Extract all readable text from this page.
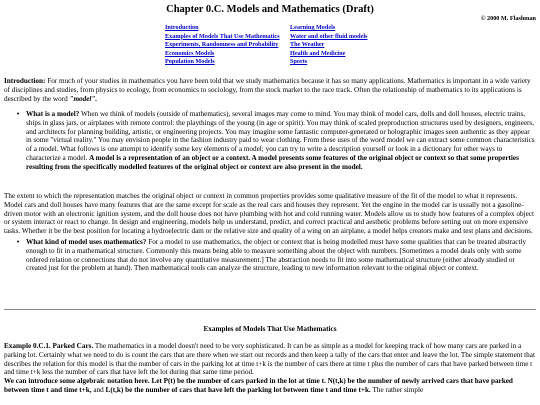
Chapter 0.C. Models and Mathematics (Draft)
© 2000 M. Flashman
Introduction
Examples of Models That Use Mathematics
Experiments, Randomness and Probability
Economics Models
Population Models
Learning Models
Water and other fluid models
The Weather
Health and Medicine
Sports

Introduction: For much of your studies in mathematics you have been told that we study mathematics because it has so many applications. Mathematics is important in a wide variety of disciplines and studies, from physics to ecology, from economics to sociology, from the stock market to the race track. Often the relationship of mathematics to its applications is described by the word "model".

• What is a model? When we think of models (outside of mathematics), several images may come to mind. You may think of model cars, dolls and doll houses, electric trains, ships in glass jars, or airplanes with remote control: the playthings of the young (in age or spirit). You may think of scaled preproduction structures used by designers, engineers, and architects for planning building, artistic, or engineering projects. You may imagine some fantastic computer-generated or holographic images seen authentic as they appear in some "virtual reality." You may envision people in the fashion industry paid to wear clothing. From these uses of the word model we can extract some common characteristics of a model. What follows is one attempt to identify some key elements of a model; you can try to write a description yourself or look in a dictionary for other ways to characterize a model. A model is a representation of an object or a context. A model presents some features of the original object or context so that some properties resulting from the specifically modelled features of the original object or context are also present in the model.

The extent to which the representation matches the original object or context in common properties provides some qualitative measure of the fit of the model to what it represents. Model cars and doll houses have many features that are the same except for scale as the real cars and houses they represent. Yet the engine in the model car is usually not a gasoline-driven motor with an electronic ignition system, and the doll house does not have plumbing with hot and cold running water. Models allow us to study how features of a complex object or system interact or react to change. In design and engineering, models help us understand, predict, and correct practical and aesthetic problems before setting out on more expensive tasks. Whether it be the best position for locating a hydroelectric dam or the relative size and quality of a wing on an airplane, a model helps creators make and test plans and decisions.

• What kind of model uses mathematics? For a model to use mathematics, the object or context that is being modelled must have some qualities that can be treated abstractly enough to fit in a mathematical structure. Commonly this means being able to measure something about the object with numbers. [Sometimes a model deals only with some ordered relation or connections that do not involve any quantitative measurement.] The abstraction needs to fit into some mathematical structure (either already studied or created just for the problem at hand). Then mathematical tools can analyze the structure, leading to new information relevant to the original object or context.

Examples of Models That Use Mathematics

Example 0.C.1. Parked Cars. The mathematics in a model doesn't need to be very sophisticated. It can be as simple as a model for keeping track of how many cars are parked in a parking lot. Certainly what we need to do is count the cars that are there when we start out records and then keep a tally of the cars that enter and leave the lot. The simple statement that describes the relation for this model is that the number of cars in the parking lot at time t+k is the number of cars there at time t plus the number of cars that have parked between time t and time t+k less the number of cars that have left the lot during that same time period.
We can introduce some algebraic notation here. Let P(t) be the number of cars parked in the lot at time t. N(t,k) be the number of newly arrived cars that have parked between time t and time t+k, and L(t,k) be the number of cars that have left the parking lot between time t and time t+k. The rather simple
